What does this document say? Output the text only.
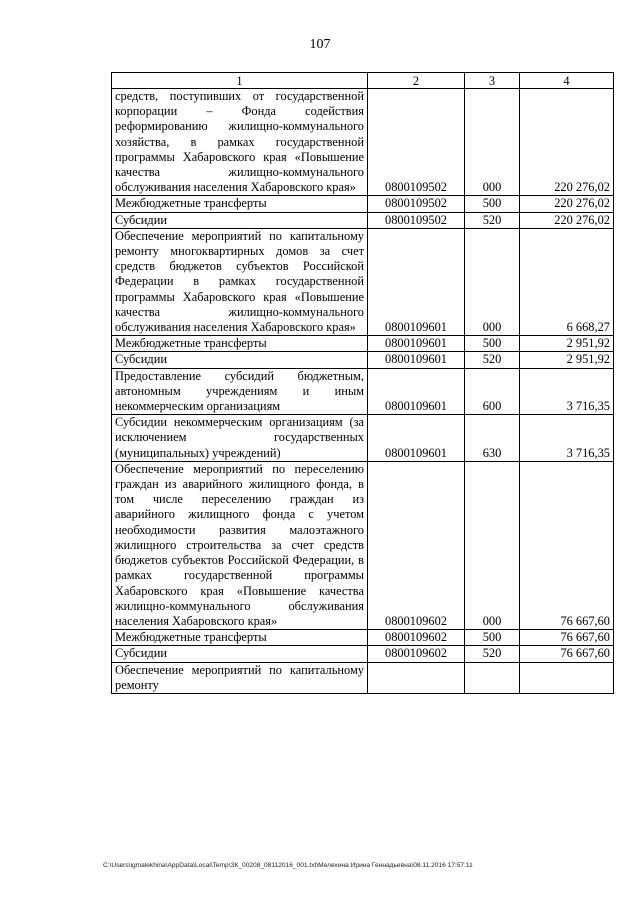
107
1	2	3	4
средств, поступивших от государственной корпорации – Фонда содействия реформированию жилищно-коммунального хозяйства, в рамках государственной программы Хабаровского края «Повышение качества жилищно-коммунального обслуживания населения Хабаровского края»	0800109502	000	220 276,02
Межбюджетные трансферты	0800109502	500	220 276,02
Субсидии	0800109502	520	220 276,02
Обеспечение мероприятий по капитальному ремонту многоквартирных домов за счет средств бюджетов субъектов Российской Федерации в рамках государственной программы Хабаровского края «Повышение качества жилищно-коммунального обслуживания населения Хабаровского края»	0800109601	000	6 668,27
Межбюджетные трансферты	0800109601	500	2 951,92
Субсидии	0800109601	520	2 951,92
Предоставление субсидий бюджетным, автономным учреждениям и иным некоммерческим организациям	0800109601	600	3 716,35
Субсидии некоммерческим организациям (за исключением государственных (муниципальных) учреждений)	0800109601	630	3 716,35
Обеспечение мероприятий по переселению граждан из аварийного жилищного фонда, в том числе переселению граждан из аварийного жилищного фонда с учетом необходимости развития малоэтажного жилищного строительства за счет средств бюджетов субъектов Российской Федерации, в рамках государственной программы Хабаровского края «Повышение качества жилищно-коммунального обслуживания населения Хабаровского края»	0800109602	000	76 667,60
Межбюджетные трансферты	0800109602	500	76 667,60
Субсидии	0800109602	520	76 667,60
Обеспечение мероприятий по капитальному ремонту			
C:\Users\igmalekhina\AppData\Local\Temp\ЗК_00208_08112016_001.txt\Мелехина Ирина Геннадьевна\08.11.2016 17:57:11
